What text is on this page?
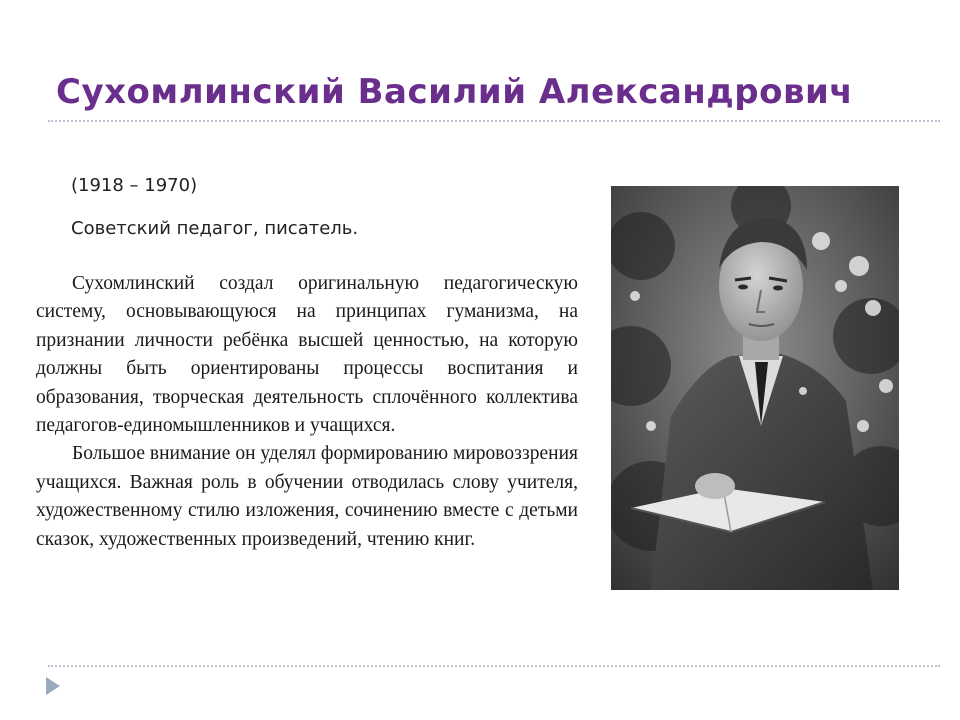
Сухомлинский Василий Александрович
(1918 – 1970)
Советский педагог, писатель.

Сухомлинский создал оригинальную педагогическую систему, основывающуюся на принципах гуманизма, на признании личности ребёнка высшей ценностью, на которую должны быть ориентированы процессы воспитания и образования, творческая деятельность сплочённого коллектива педагогов-единомышленников и учащихся.

Большое внимание он уделял формированию мировоззрения учащихся. Важная роль в обучении отводилась слову учителя, художественному стилю изложения, сочинению вместе с детьми сказок, художественных произведений, чтению книг.
